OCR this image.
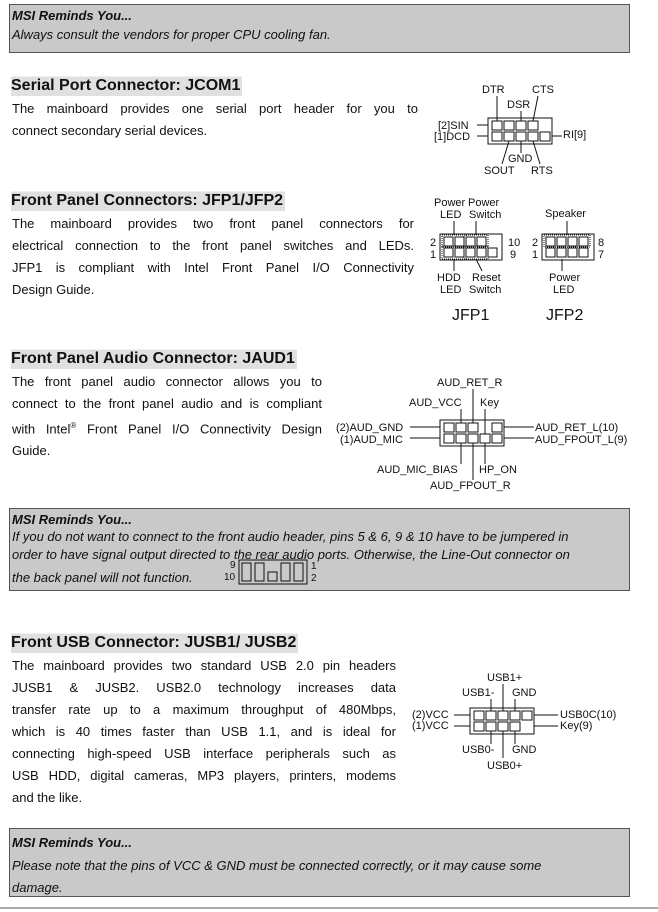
MSI Reminds You...
Always consult the vendors for proper CPU cooling fan.
Serial Port Connector: JCOM1
The mainboard provides one serial port header for you to
connect secondary serial devices.
DTR CTS
DSR
[2]SIN
[1]DCD	RI[9]
GND
SOUT RTS
Front Panel Connectors: JFP1/JFP2
The mainboard provides two front panel connectors for
electrical connection to the front panel switches and LEDs.
JFP1 is compliant with Intel Front Panel I/O Connectivity
Design Guide.
Power
LED
Power
Switch	Speaker
2
1
10
9
2
1
8
7
HDD
LED
Reset
Switch
Power
LED
JFP1	JFP2
Front Panel Audio Connector: JAUD1
The front panel audio connector allows you to
connect to the front panel audio and is compliant
with Intel® Front Panel I/O Connectivity Design
Guide.
AUD_RET_R
AUD_VCC Key
(2)AUD_GND
(1)AUD_MIC
AUD_RET_L(10)
AUD_FPOUT_L(9)
AUD_MIC_BIAS HP_ON
AUD_FPOUT_R
MSI Reminds You...
If you do not want to connect to the front audio header, pins 5 & 6, 9 & 10 have to be jumpered in
order to have signal output directed to the rear audio ports. Otherwise, the Line-Out connector on
the back panel will not function.
9
10
1
2
Front USB Connector: JUSB1/ JUSB2
The mainboard provides two standard USB 2.0 pin headers
JUSB1 & JUSB2. USB2.0 technology increases data
transfer rate up to a maximum throughput of 480Mbps,
which is 40 times faster than USB 1.1, and is ideal for
connecting high-speed USB interface peripherals such as
USB HDD, digital cameras, MP3 players, printers, modems
and the like.
USB1+
USB1- GND
(2)VCC
(1)VCC
USB0C(10)
Key(9)
USB0- GND
USB0+
MSI Reminds You...
Please note that the pins of VCC & GND must be connected correctly, or it may cause some
damage.
